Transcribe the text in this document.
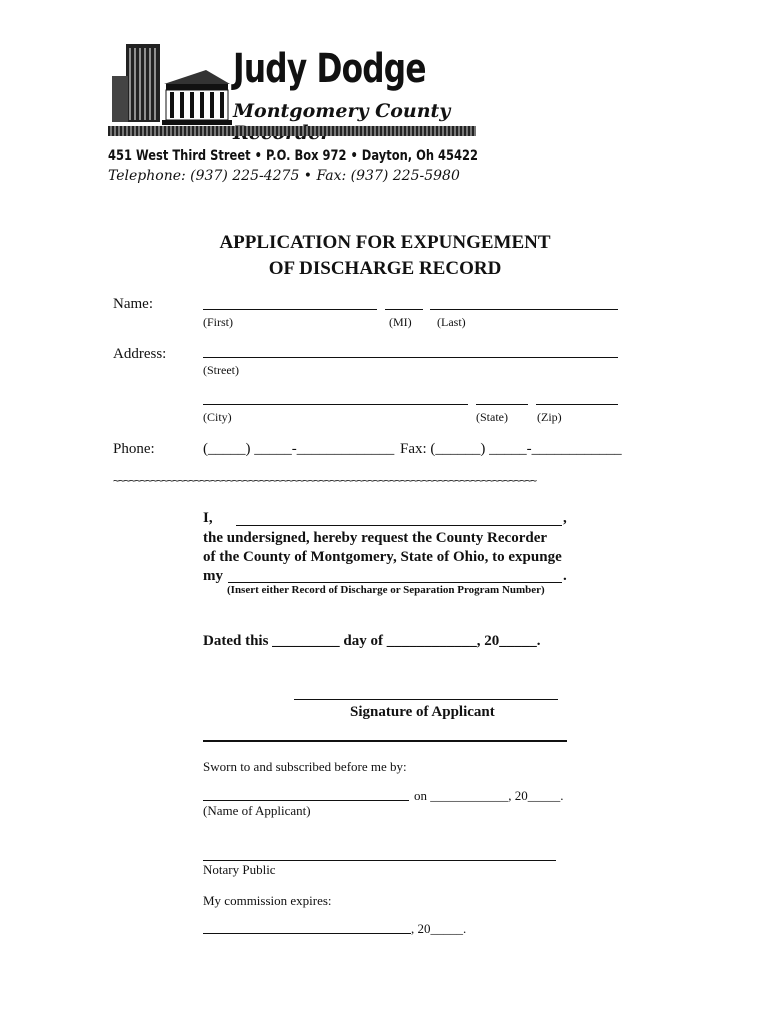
Judy Dodge
Montgomery County
451 West Third Street • P.O. Box 972 • Dayton, Oh 45422
Telephone: (937) 225-4275 • Fax: (937) 225-5980
APPLICATION FOR EXPUNGEMENT
OF DISCHARGE RECORD
Name:
(First)	(MI) (Last)
Address:
(Street)
(City)	(State) (Zip)
Phone:	(_____) _____-_____________ Fax: (______) _____-____________
~~~~~~~~~~~~~~~~~~~~~~~~~~~~~~~~~~~~~~~~~~~~~~~~~~~~~~~~~~~~~~~~~~~~~~~~~~~~~~
I,	,
the undersigned, hereby request the County Recorder
of the County of Montgomery, State of Ohio, to expunge
my	.
(Insert either Record of Discharge or Separation Program Number)
Dated this _________ day of ____________, 20_____.
Signature of Applicant
Sworn to and subscribed before me by:
on ____________, 20_____.
(Name of Applicant)
Notary Public
My commission expires:
, 20_____.
